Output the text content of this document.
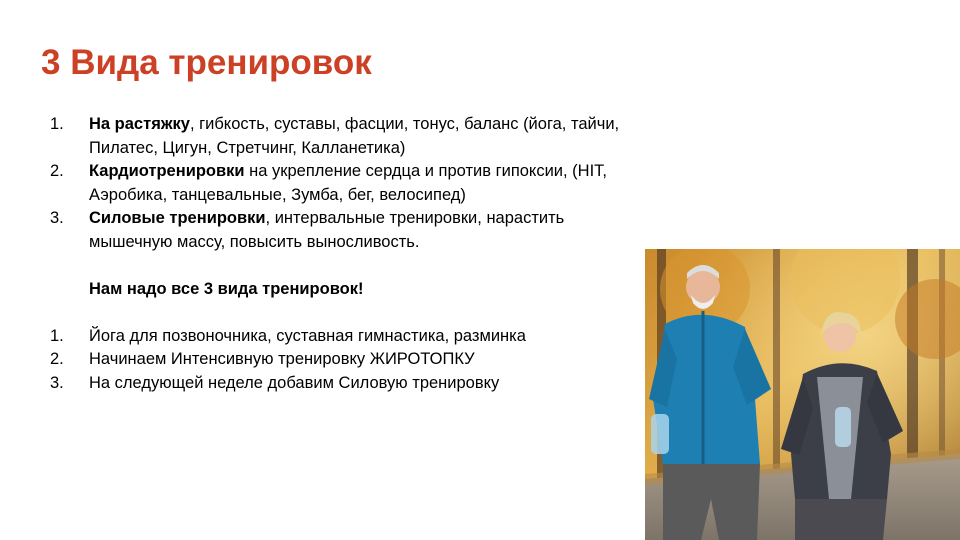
3 Вида тренировок
1.	На растяжку, гибкость, суставы, фасции, тонус, баланс (йога, тайчи, Пилатес, Цигун, Стретчинг, Калланетика)
2.	Кардиотренировки на укрепление сердца и против гипоксии, (HIT, Аэробика, танцевальные, Зумба, бег, велосипед)
3.	Силовые тренировки, интервальные тренировки, нарастить мышечную массу, повысить выносливость.
Нам надо все 3 вида тренировок!
1.	Йога для позвоночника, суставная гимнастика, разминка
2.	Начинаем Интенсивную тренировку ЖИРОТОПКУ
3.	На следующей неделе добавим Силовую тренировку
